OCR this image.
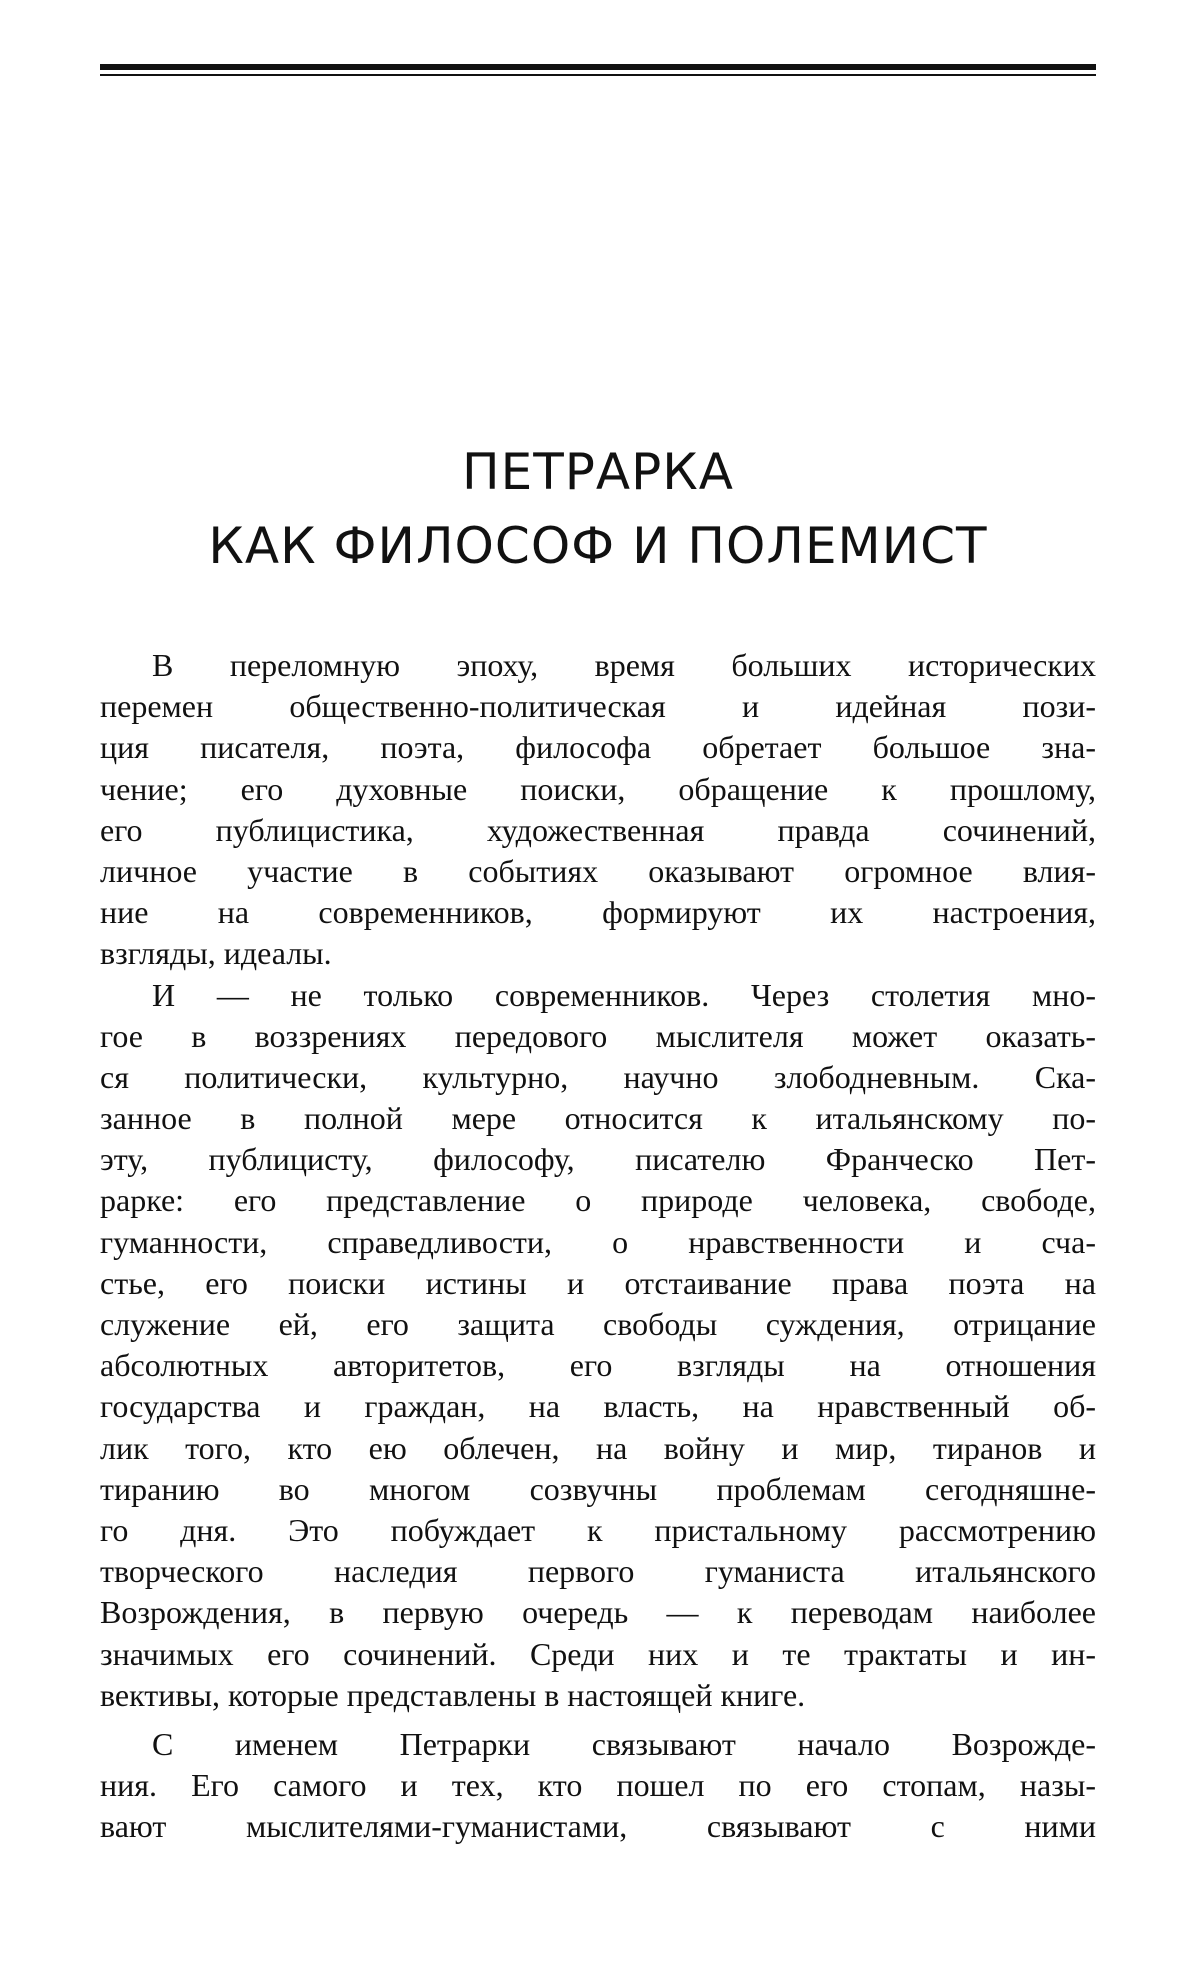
ПЕТРАРКА
КАК ФИЛОСОФ И ПОЛЕМИСТ
В переломную эпоху, время больших исторических
перемен общественно-политическая и идейная пози-
ция писателя, поэта, философа обретает большое зна-
чение; его духовные поиски, обращение к прошлому,
его публицистика, художественная правда сочинений,
личное участие в событиях оказывают огромное влия-
ние на современников, формируют их настроения,
взгляды, идеалы.
И — не только современников. Через столетия мно-
гое в воззрениях передового мыслителя может оказать-
ся политически, культурно, научно злободневным. Ска-
занное в полной мере относится к итальянскому по-
эту, публицисту, философу, писателю Франческо Пет-
рарке: его представление о природе человека, свободе,
гуманности, справедливости, о нравственности и сча-
стье, его поиски истины и отстаивание права поэта на
служение ей, его защита свободы суждения, отрицание
абсолютных авторитетов, его взгляды на отношения
государства и граждан, на власть, на нравственный об-
лик того, кто ею облечен, на войну и мир, тиранов и
тиранию во многом созвучны проблемам сегодняшне-
го дня. Это побуждает к пристальному рассмотрению
творческого наследия первого гуманиста итальянского
Возрождения, в первую очередь — к переводам наиболее
значимых его сочинений. Среди них и те трактаты и ин-
вективы, которые представлены в настоящей книге.
С именем Петрарки связывают начало Возрожде-
ния. Его самого и тех, кто пошел по его стопам, назы-
вают мыслителями-гуманистами, связывают с ними
